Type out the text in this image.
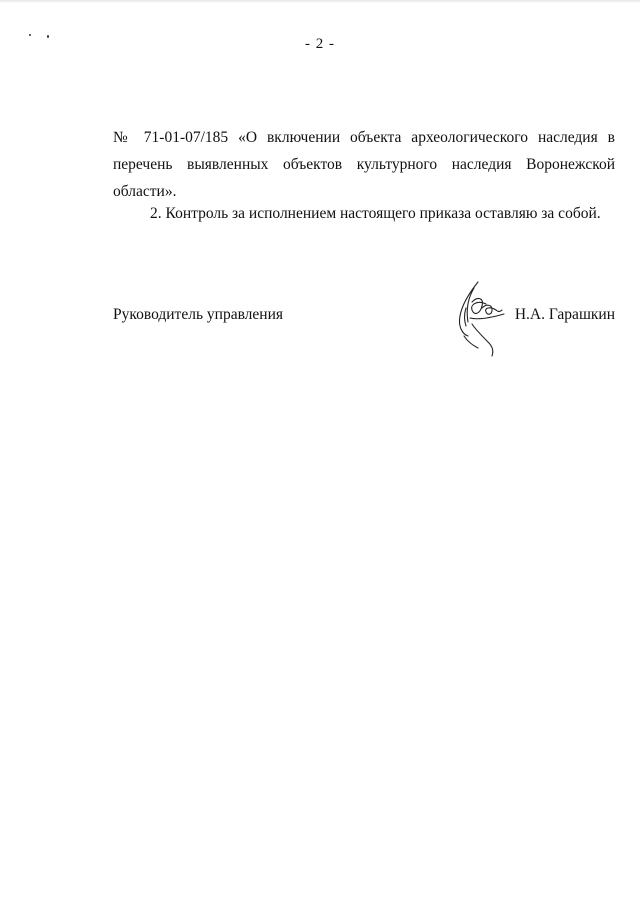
- 2 -
№ 71-01-07/185 «О включении объекта археологического наследия в
перечень выявленных объектов культурного наследия Воронежской
области».
2. Контроль за исполнением настоящего приказа оставляю за собой.
Руководитель управления	Н.А. Гарашкин
